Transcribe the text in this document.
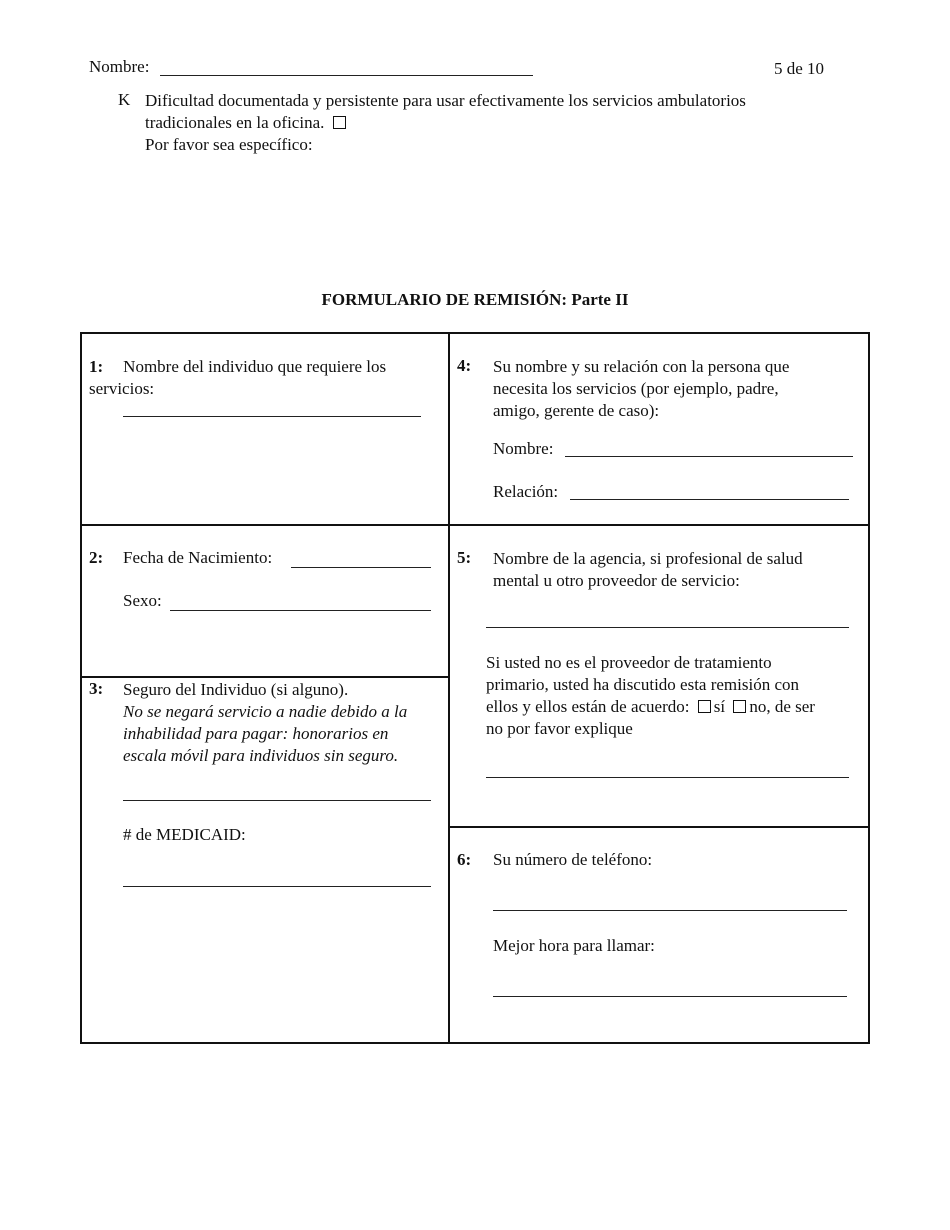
Nombre:	5 de 10
K Dificultad documentada y persistente para usar efectivamente los servicios ambulatorios
tradicionales en la oficina.
Por favor sea específico:
FORMULARIO DE REMISIÓN: Parte II
1: Nombre del individuo que requiere los
servicios:
2: Fecha de Nacimiento:
Sexo:
3: Seguro del Individuo (si alguno).
No se negará servicio a nadie debido a la
inhabilidad para pagar: honorarios en
escala móvil para individuos sin seguro.
# de MEDICAID:
4: Su nombre y su relación con la persona que
necesita los servicios (por ejemplo, padre,
amigo, gerente de caso):
Nombre:
Relación:
5: Nombre de la agencia, si profesional de salud
mental u otro proveedor de servicio:
Si usted no es el proveedor de tratamiento
primario, usted ha discutido esta remisión con
ellos y ellos están de acuerdo: sí no, de ser
no por favor explique
6: Su número de teléfono:
Mejor hora para llamar:
